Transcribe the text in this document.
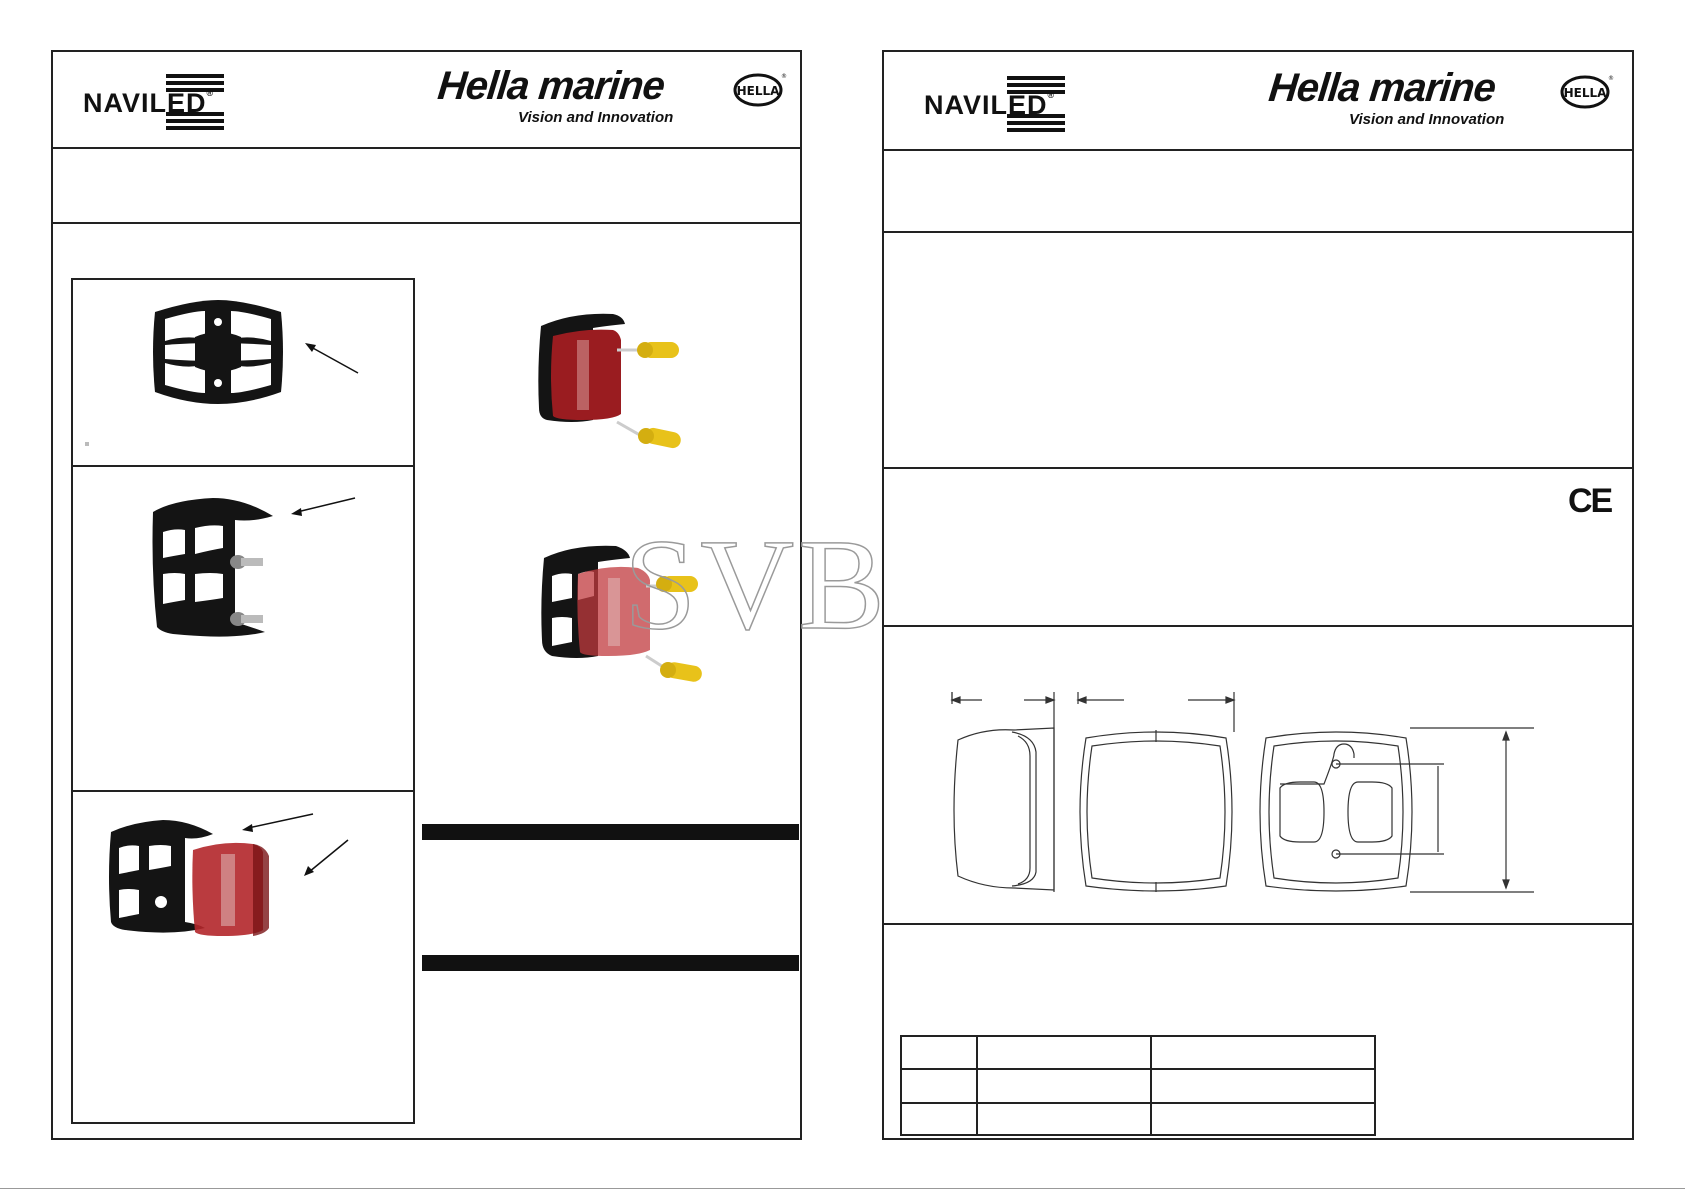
NAVILED®	Hella marine
Vision and Innovation
HELLA
®
NAVILED®	Hella marine
Vision and Innovation
HELLA
®
CE

SVB
